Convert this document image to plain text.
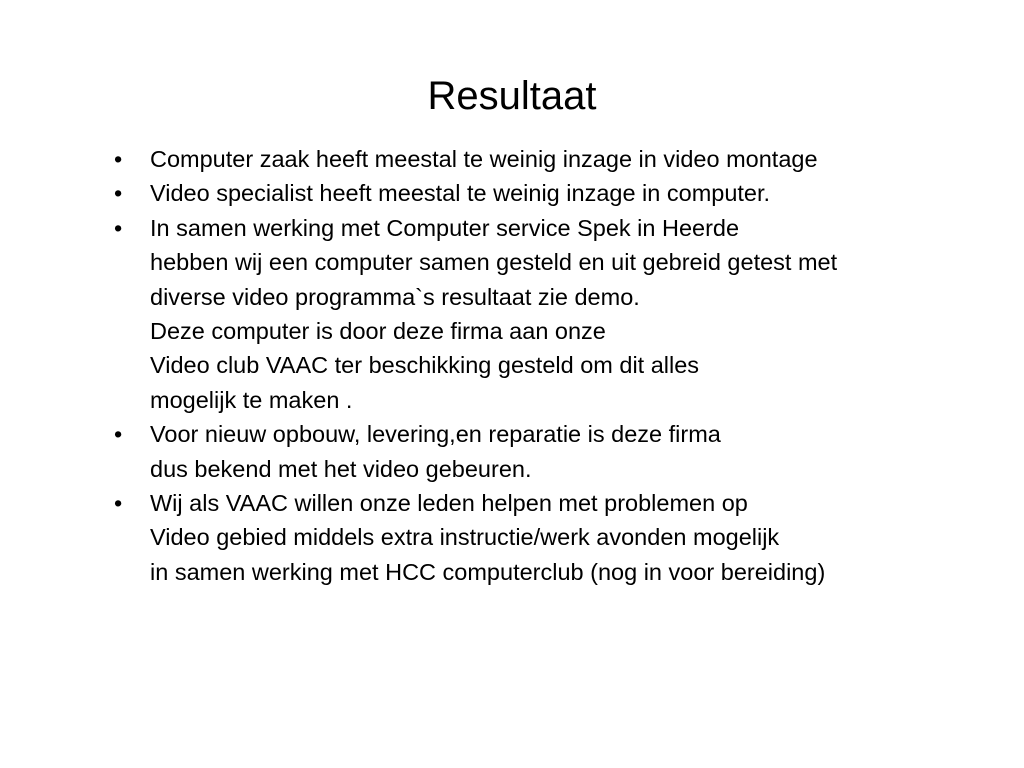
Resultaat
• Computer zaak heeft meestal te weinig inzage in video montage
• Video specialist heeft meestal te weinig inzage in computer.
• In samen werking met Computer service Spek in Heerde
hebben wij een computer samen gesteld en uit gebreid getest met
diverse video programma`s resultaat zie demo.
Deze computer is door deze firma aan onze
Video club VAAC ter beschikking gesteld om dit alles
mogelijk te maken .
• Voor nieuw opbouw, levering,en reparatie is deze firma
dus bekend met het video gebeuren.
• Wij als VAAC willen onze leden helpen met problemen op
Video gebied middels extra instructie/werk avonden mogelijk
in samen werking met HCC computerclub (nog in voor bereiding)
